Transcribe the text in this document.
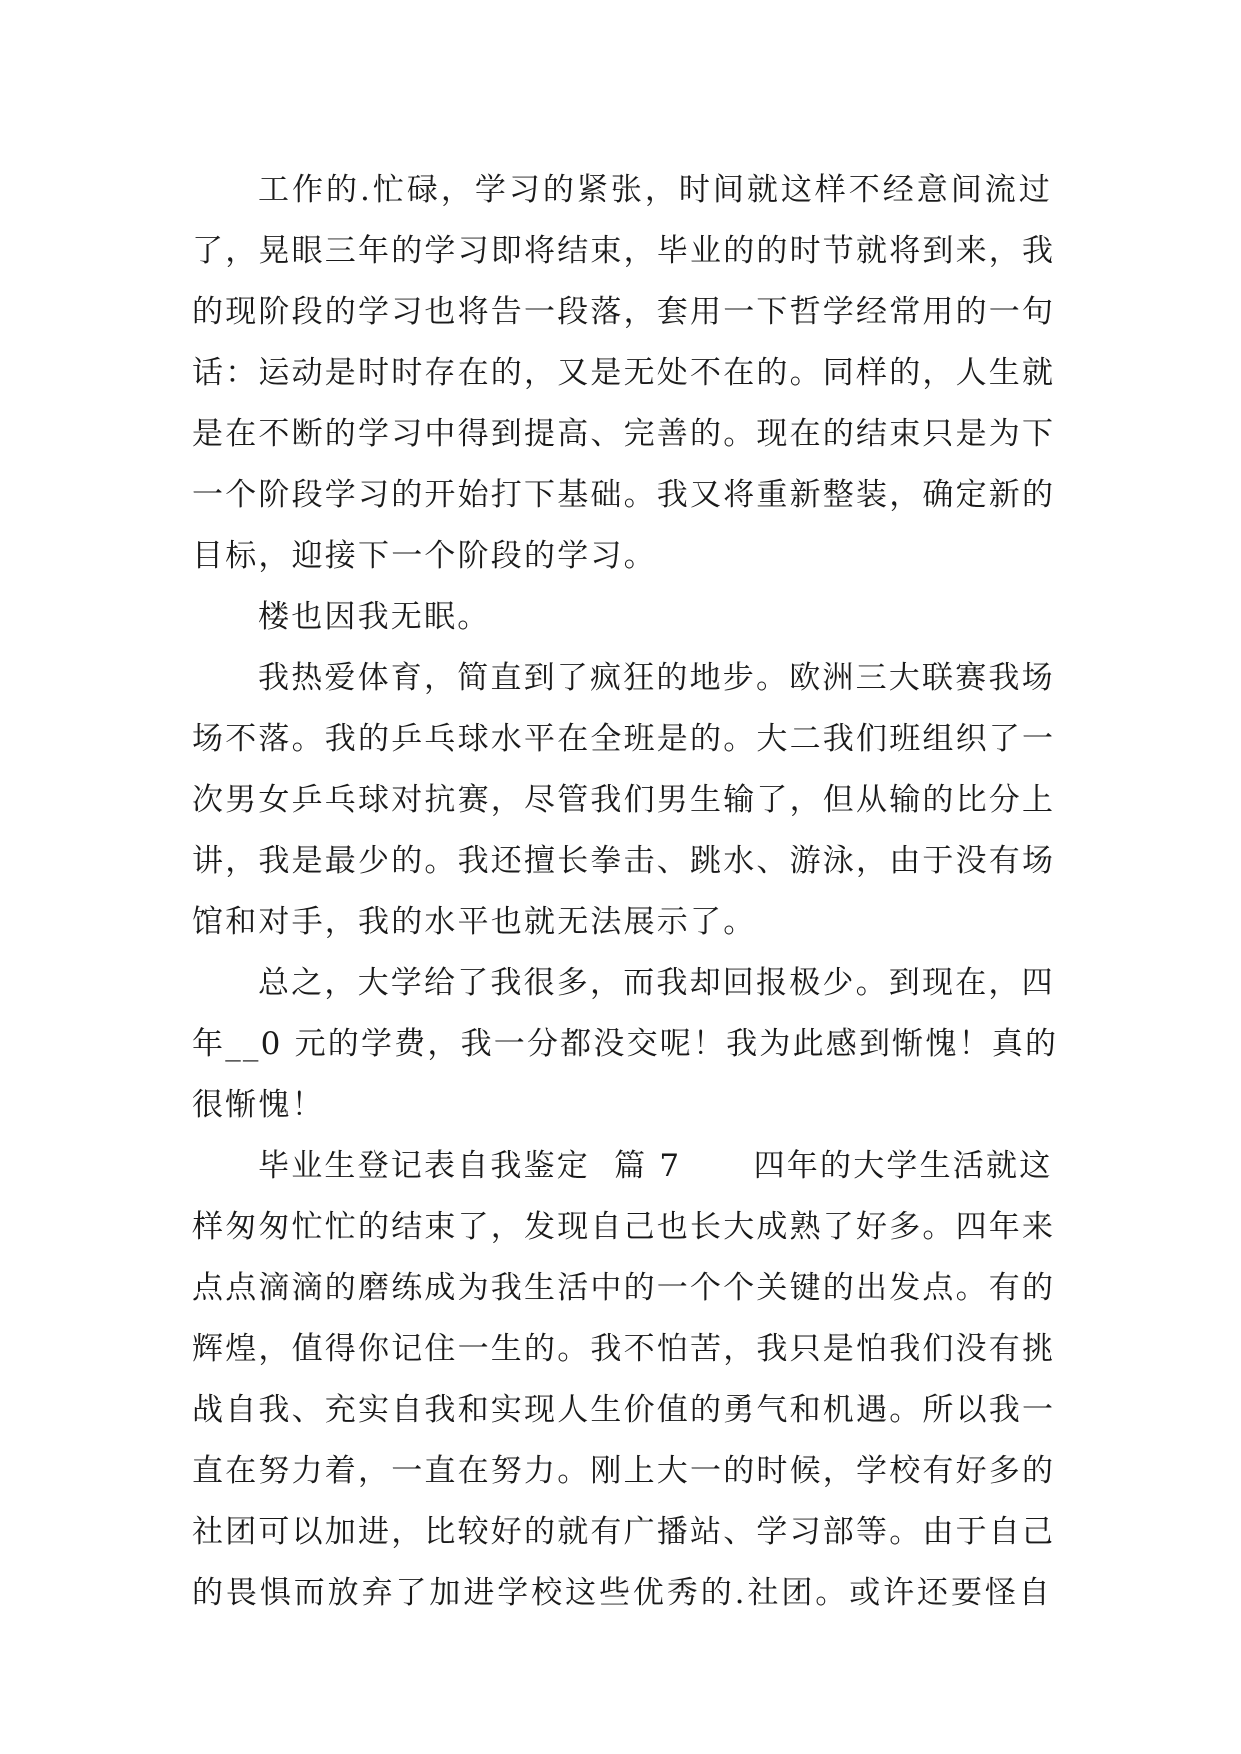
工作的.忙碌，学习的紧张，时间就这样不经意间流过
了，晃眼三年的学习即将结束，毕业的的时节就将到来，我
的现阶段的学习也将告一段落，套用一下哲学经常用的一句
话：运动是时时存在的，又是无处不在的。同样的，人生就
是在不断的学习中得到提高、完善的。现在的结束只是为下
一个阶段学习的开始打下基础。我又将重新整装，确定新的
目标，迎接下一个阶段的学习。
楼也因我无眠。
我热爱体育，简直到了疯狂的地步。欧洲三大联赛我场
场不落。我的乒乓球水平在全班是的。大二我们班组织了一
次男女乒乓球对抗赛，尽管我们男生输了，但从输的比分上
讲，我是最少的。我还擅长拳击、跳水、游泳，由于没有场
馆和对手，我的水平也就无法展示了。
总之，大学给了我很多，而我却回报极少。到现在，四
年__0 元的学费，我一分都没交呢！我为此感到惭愧！真的
很惭愧！
毕业生登记表自我鉴定  篇 7      四年的大学生活就这
样匆匆忙忙的结束了，发现自己也长大成熟了好多。四年来
点点滴滴的磨练成为我生活中的一个个关键的出发点。有的
辉煌，值得你记住一生的。我不怕苦，我只是怕我们没有挑
战自我、充实自我和实现人生价值的勇气和机遇。所以我一
直在努力着，一直在努力。刚上大一的时候，学校有好多的
社团可以加进，比较好的就有广播站、学习部等。由于自己
的畏惧而放弃了加进学校这些优秀的.社团。或许还要怪自
